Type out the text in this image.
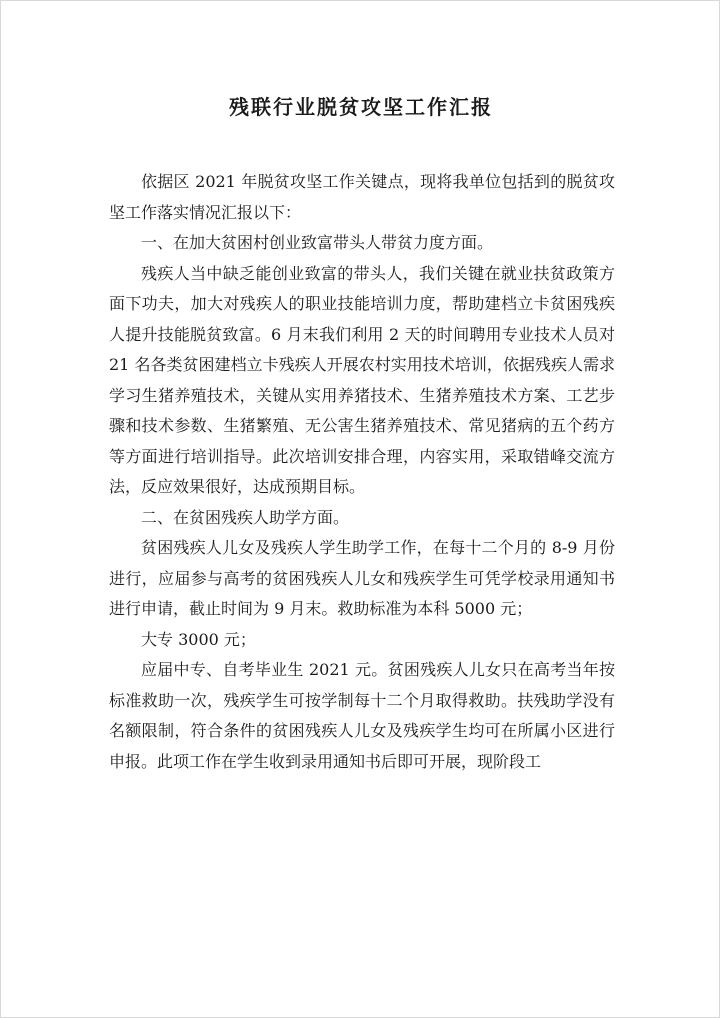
残联行业脱贫攻坚工作汇报

依据区 2021 年脱贫攻坚工作关键点，现将我单位包括到的脱贫攻坚工作落实情况汇报以下：

一、在加大贫困村创业致富带头人带贫力度方面。

残疾人当中缺乏能创业致富的带头人，我们关键在就业扶贫政策方面下功夫，加大对残疾人的职业技能培训力度，帮助建档立卡贫困残疾人提升技能脱贫致富。6 月末我们利用 2 天的时间聘用专业技术人员对 21 名各类贫困建档立卡残疾人开展农村实用技术培训，依据残疾人需求学习生猪养殖技术，关键从实用养猪技术、生猪养殖技术方案、工艺步骤和技术参数、生猪繁殖、无公害生猪养殖技术、常见猪病的五个药方等方面进行培训指导。此次培训安排合理，内容实用，采取错峰交流方法，反应效果很好，达成预期目标。

二、在贫困残疾人助学方面。

贫困残疾人儿女及残疾人学生助学工作，在每十二个月的 8-9 月份进行，应届参与高考的贫困残疾人儿女和残疾学生可凭学校录用通知书进行申请，截止时间为 9 月末。救助标准为本科 5000 元；

大专 3000 元；

应届中专、自考毕业生 2021 元。贫困残疾人儿女只在高考当年按标准救助一次，残疾学生可按学制每十二个月取得救助。扶残助学没有名额限制，符合条件的贫困残疾人儿女及残疾学生均可在所属小区进行申报。此项工作在学生收到录用通知书后即可开展，现阶段工
